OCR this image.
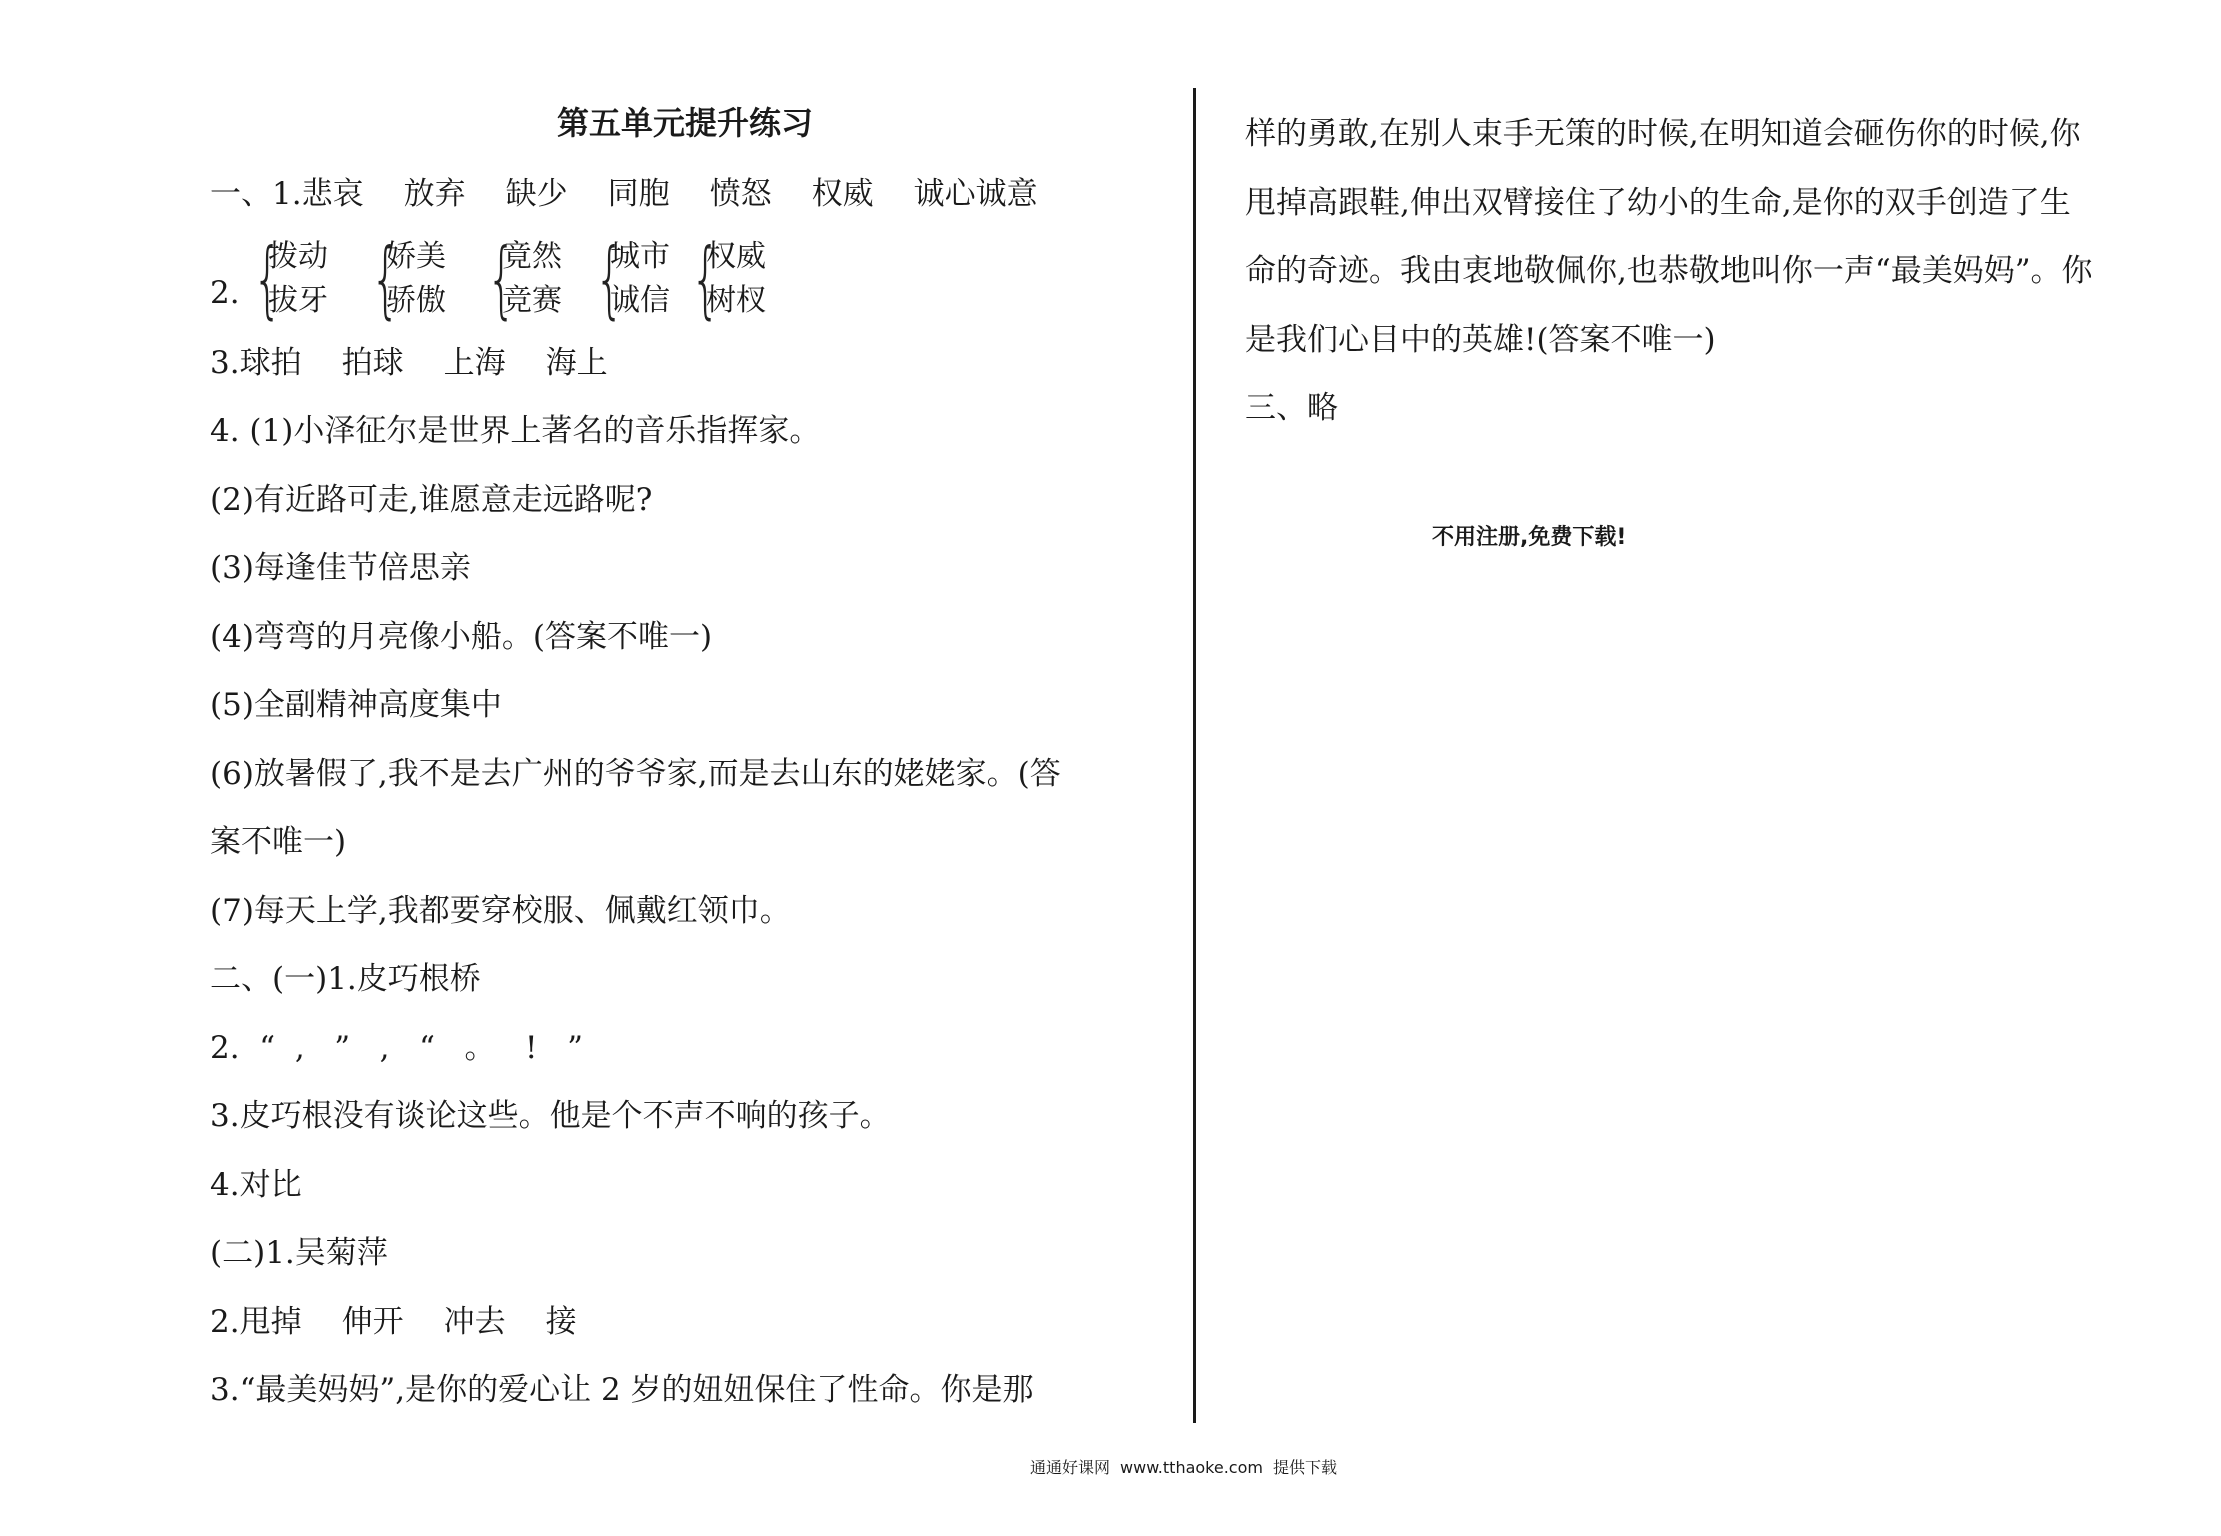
第五单元提升练习
一、1.悲哀 放弃 缺少 同胞 愤怒 权威 诚心诚意
2. {
拨动
拔牙 {
娇美
骄傲 {
竟然
竞赛 {
城市
诚信 {
权威
树杈
3.球拍 拍球 上海 海上
4. (1)小泽征尔是世界上著名的音乐指挥家。
(2)有近路可走,谁愿意走远路呢?
(3)每逢佳节倍思亲
(4)弯弯的月亮像小船。(答案不唯一)
(5)全副精神高度集中
(6)放暑假了,我不是去广州的爷爷家,而是去山东的姥姥家。(答
案不唯一)
(7)每天上学,我都要穿校服、佩戴红领巾。
二、(一)1.皮巧根桥
2.  “  ,   ”   ,   “   。   !   ”
3.皮巧根没有谈论这些。他是个不声不响的孩子。
4.对比
(二)1.吴菊萍
2.甩掉 伸开 冲去 接
3.“最美妈妈”,是你的爱心让 2 岁的妞妞保住了性命。你是那
样的勇敢,在别人束手无策的时候,在明知道会砸伤你的时候,你
甩掉高跟鞋,伸出双臂接住了幼小的生命,是你的双手创造了生
命的奇迹。我由衷地敬佩你,也恭敬地叫你一声“最美妈妈”。你
是我们心目中的英雄!(答案不唯一)
三、略
不用注册,免费下载!
通通好课网 www.tthaoke.com 提供下载
